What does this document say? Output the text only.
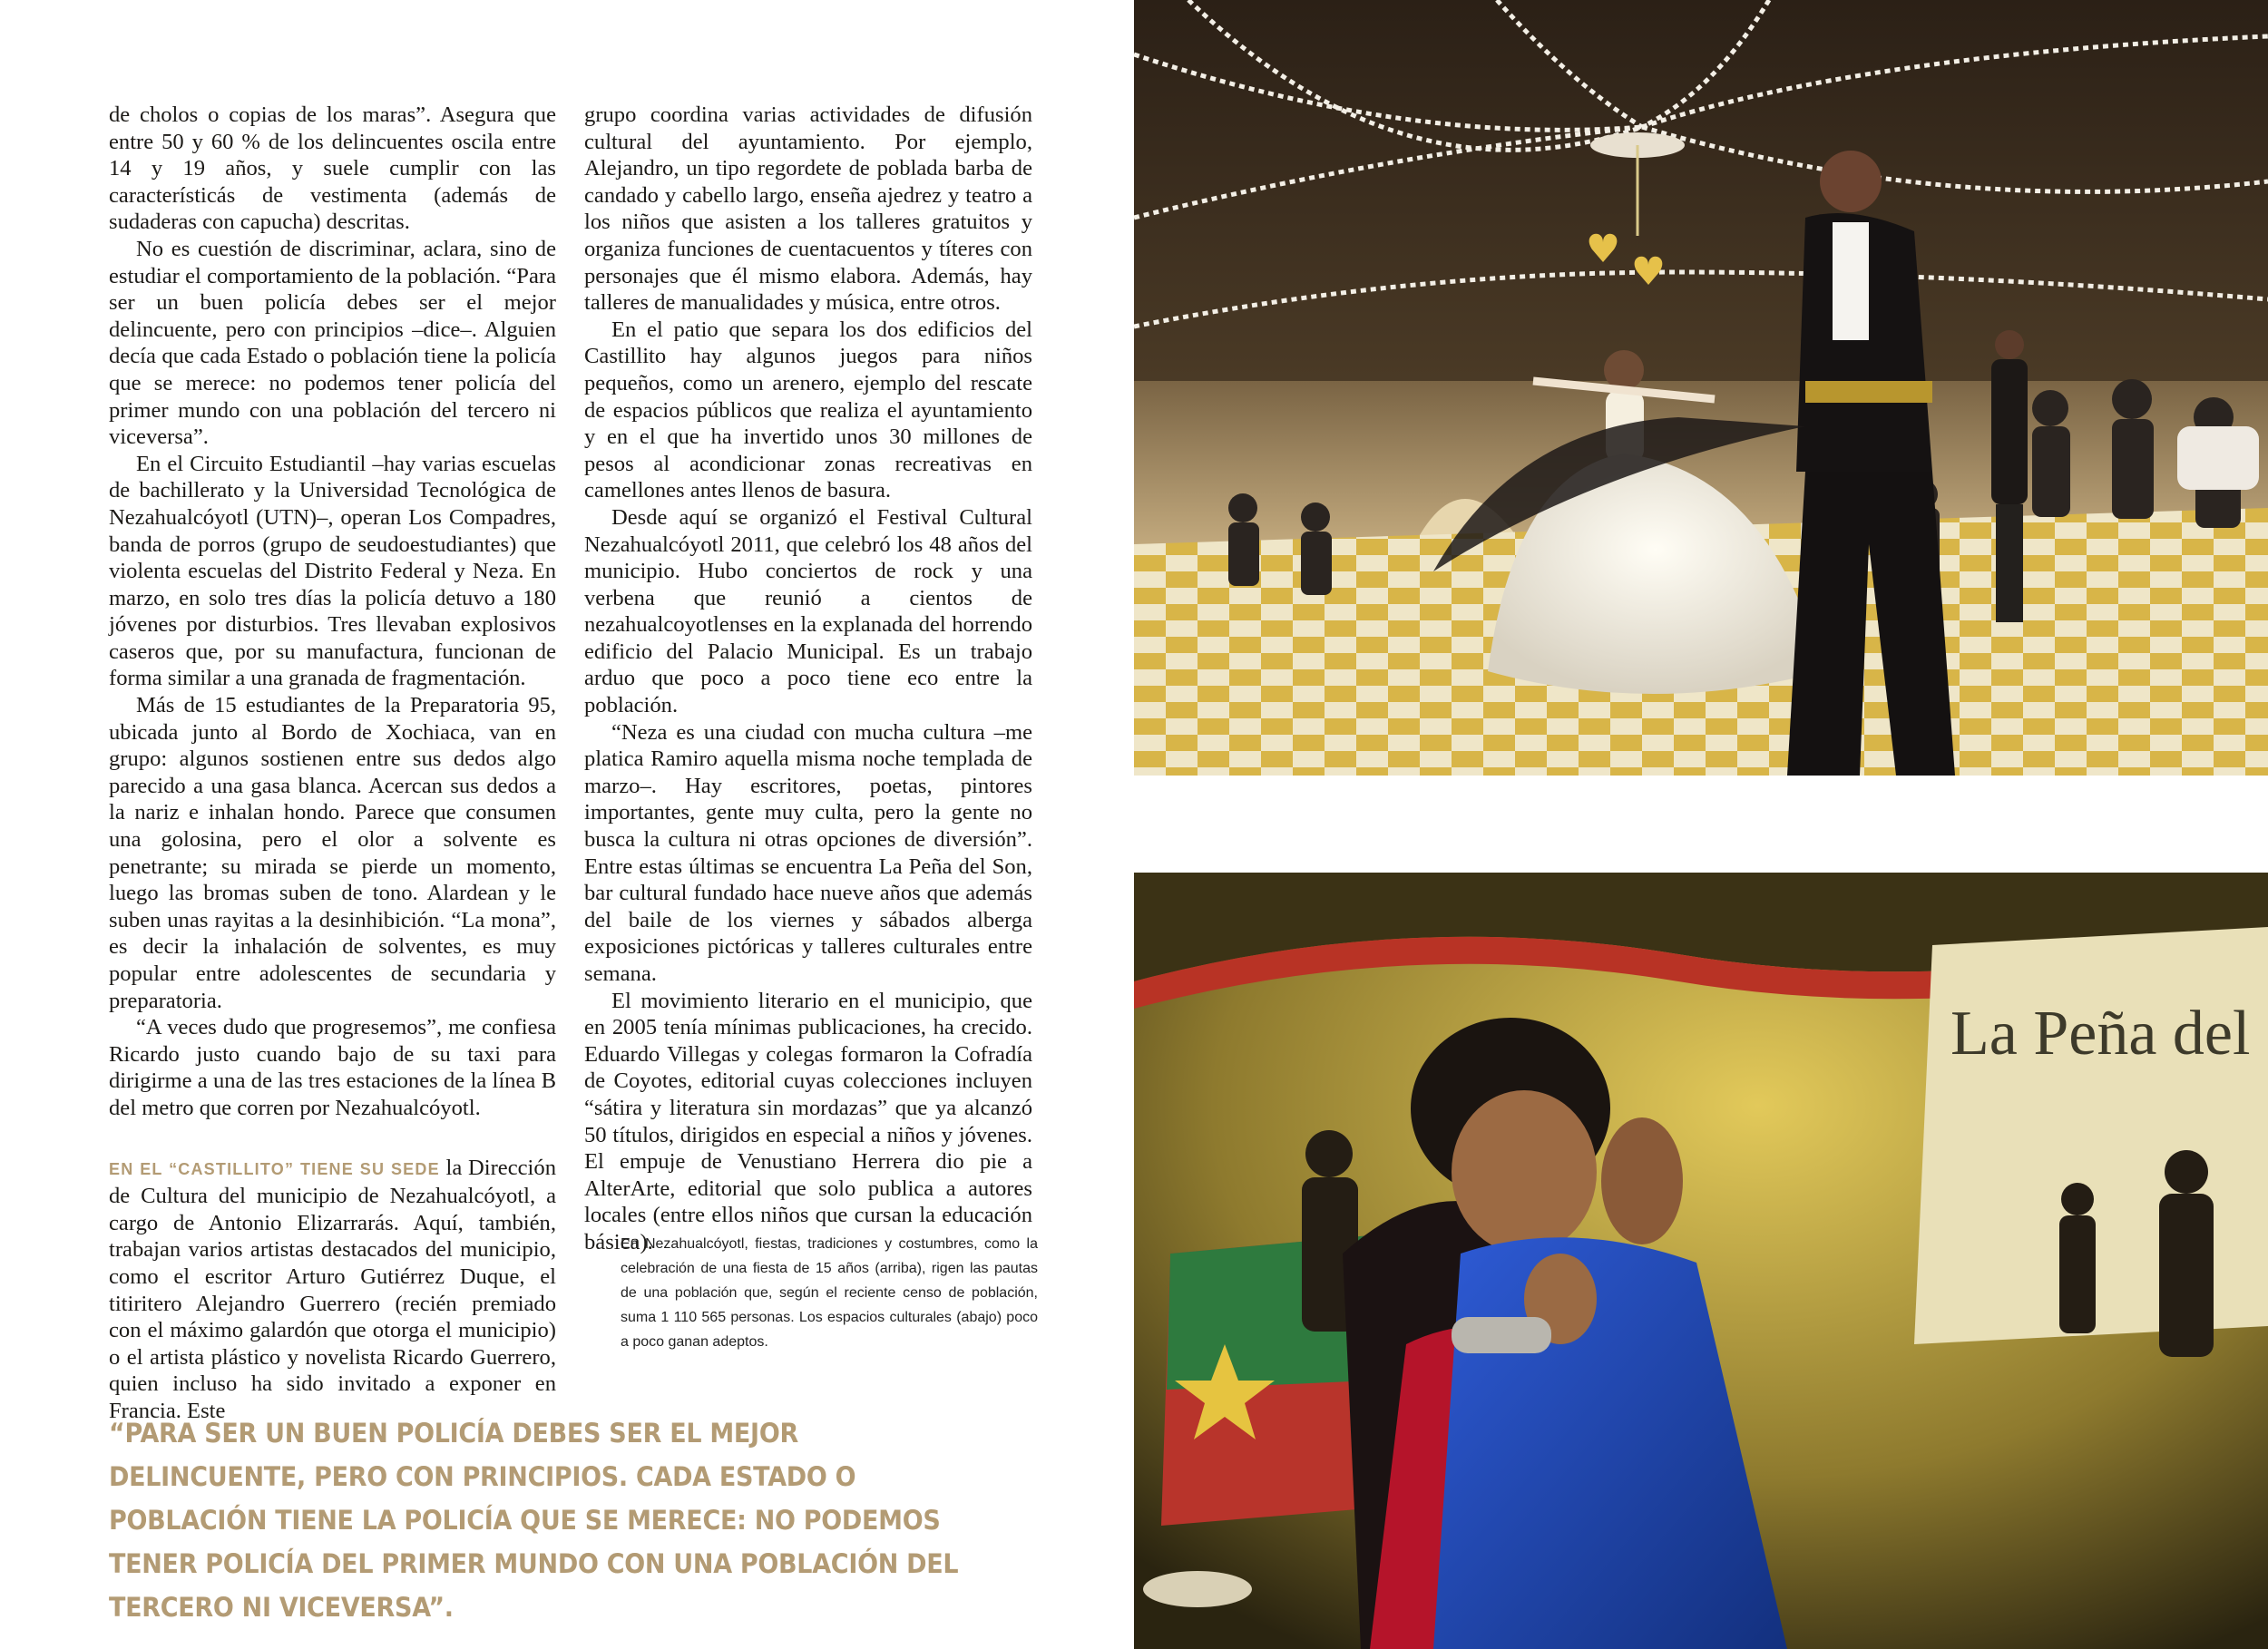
de cholos o copias de los maras”. Asegura que entre 50 y 60 % de los delincuentes oscila entre 14 y 19 años, y suele cumplir con las característicás de vestimenta (además de sudaderas con capucha) descritas.

No es cuestión de discriminar, aclara, sino de estudiar el comportamiento de la población. “Para ser un buen policía debes ser el mejor delincuente, pero con principios –dice–. Alguien decía que cada Estado o población tiene la policía que se merece: no podemos tener policía del primer mundo con una población del tercero ni viceversa”.

En el Circuito Estudiantil –hay varias escuelas de bachillerato y la Universidad Tecnológica de Nezahualcóyotl (UTN)–, operan Los Compadres, banda de porros (grupo de seudoestudiantes) que violenta escuelas del Distrito Federal y Neza. En marzo, en solo tres días la policía detuvo a 180 jóvenes por disturbios. Tres llevaban explosivos caseros que, por su manufactura, funcionan de forma similar a una granada de fragmentación.

Más de 15 estudiantes de la Preparatoria 95, ubicada junto al Bordo de Xochiaca, van en grupo: algunos sostienen entre sus dedos algo parecido a una gasa blanca. Acercan sus dedos a la nariz e inhalan hondo. Parece que consumen una golosina, pero el olor a solvente es penetrante; su mirada se pierde un momento, luego las bromas suben de tono. Alardean y le suben unas rayitas a la desinhibición. “La mona”, es decir la inhalación de solventes, es muy popular entre adolescentes de secundaria y preparatoria.

“A veces dudo que progresemos”, me confiesa Ricardo justo cuando bajo de su taxi para dirigirme a una de las tres estaciones de la línea B del metro que corren por Nezahualcóyotl.

EN EL “CASTILLITO” TIENE SU SEDE la Dirección de Cultura del municipio de Nezahualcóyotl, a cargo de Antonio Elizarrarás. Aquí, también, trabajan varios artistas destacados del municipio, como el escritor Arturo Gutiérrez Duque, el titiritero Alejandro Guerrero (recién premiado con el máximo galardón que otorga el municipio) o el artista plástico y novelista Ricardo Guerrero, quien incluso ha sido invitado a exponer en Francia. Este

grupo coordina varias actividades de difusión cultural del ayuntamiento. Por ejemplo, Alejandro, un tipo regordete de poblada barba de candado y cabello largo, enseña ajedrez y teatro a los niños que asisten a los talleres gratuitos y organiza funciones de cuentacuentos y títeres con personajes que él mismo elabora. Además, hay talleres de manualidades y música, entre otros.

En el patio que separa los dos edificios del Castillito hay algunos juegos para niños pequeños, como un arenero, ejemplo del rescate de espacios públicos que realiza el ayuntamiento y en el que ha invertido unos 30 millones de pesos al acondicionar zonas recreativas en camellones antes llenos de basura.

Desde aquí se organizó el Festival Cultural Nezahualcóyotl 2011, que celebró los 48 años del municipio. Hubo conciertos de rock y una verbena que reunió a cientos de nezahualcoyotlenses en la explanada del horrendo edificio del Palacio Municipal. Es un trabajo arduo que poco a poco tiene eco entre la población.

“Neza es una ciudad con mucha cultura –me platica Ramiro aquella misma noche templada de marzo–. Hay escritores, poetas, pintores importantes, gente muy culta, pero la gente no busca la cultura ni otras opciones de diversión”. Entre estas últimas se encuentra La Peña del Son, bar cultural fundado hace nueve años que además del baile de los viernes y sábados alberga exposiciones pictóricas y talleres culturales entre semana.

El movimiento literario en el municipio, que en 2005 tenía mínimas publicaciones, ha crecido. Eduardo Villegas y colegas formaron la Cofradía de Coyotes, editorial cuyas colecciones incluyen “sátira y literatura sin mordazas” que ya alcanzó 50 títulos, dirigidos en especial a niños y jóvenes. El empuje de Venustiano Herrera dio pie a AlterArte, editorial que solo publica a autores locales (entre ellos niños que cursan la educación básica).

En Nezahualcóyotl, fiestas, tradiciones y costumbres, como la celebración de una fiesta de 15 años (arriba), rigen las pautas de una población que, según el reciente censo de población, suma 1 110 565 personas. Los espacios culturales (abajo) poco a poco ganan adeptos.
“PARA SER UN BUEN POLICÍA DEBES SER EL MEJOR DELINCUENTE, PERO CON PRINCIPIOS. CADA ESTADO O POBLACIÓN TIENE LA POLICÍA QUE SE MERECE: NO PODEMOS TENER POLICÍA DEL PRIMER MUNDO CON UNA POBLACIÓN DEL TERCERO NI VICEVERSA”.
La Peña del
